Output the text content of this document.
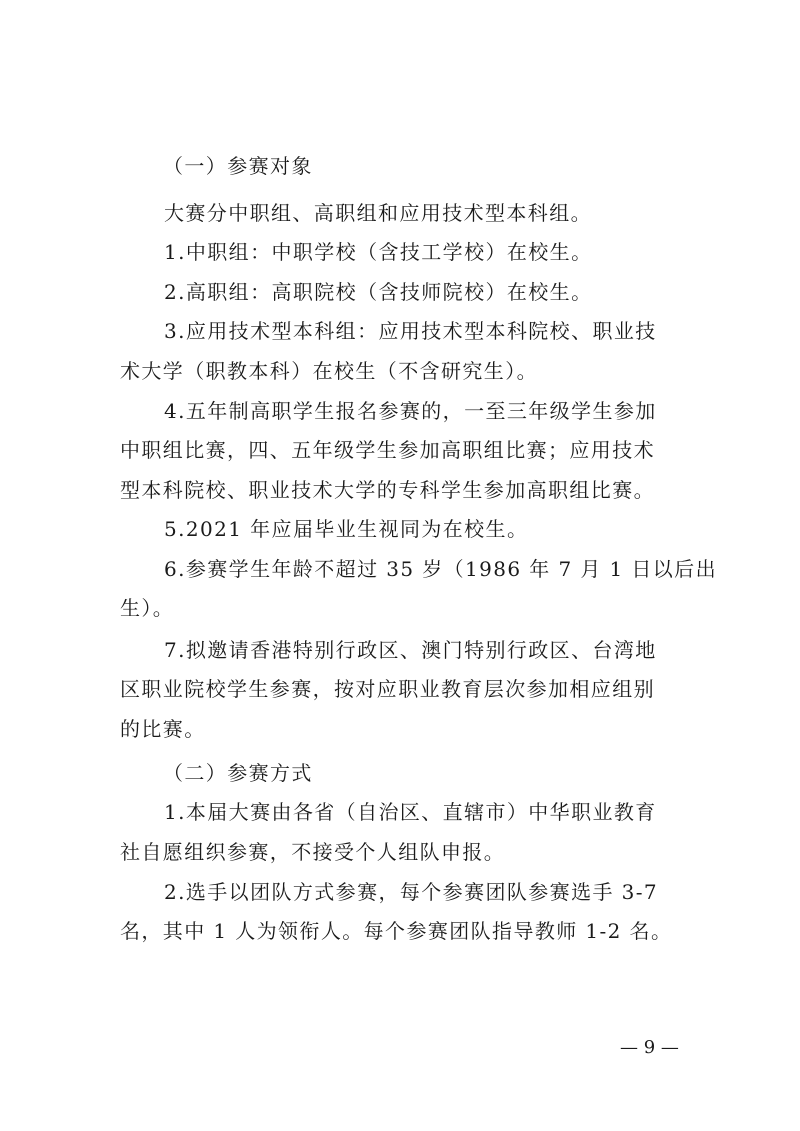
（一）参赛对象
大赛分中职组、高职组和应用技术型本科组。
1.中职组：中职学校（含技工学校）在校生。
2.高职组：高职院校（含技师院校）在校生。
3.应用技术型本科组：应用技术型本科院校、职业技
术大学（职教本科）在校生（不含研究生）。
4.五年制高职学生报名参赛的，一至三年级学生参加
中职组比赛，四、五年级学生参加高职组比赛；应用技术
型本科院校、职业技术大学的专科学生参加高职组比赛。
5.2021 年应届毕业生视同为在校生。
6.参赛学生年龄不超过 35 岁（1986 年 7 月 1 日以后出
生）。
7.拟邀请香港特别行政区、澳门特别行政区、台湾地
区职业院校学生参赛，按对应职业教育层次参加相应组别
的比赛。
（二）参赛方式
1.本届大赛由各省（自治区、直辖市）中华职业教育
社自愿组织参赛，不接受个人组队申报。
2.选手以团队方式参赛，每个参赛团队参赛选手 3-7
名，其中 1 人为领衔人。每个参赛团队指导教师 1-2 名。
— 9 —
